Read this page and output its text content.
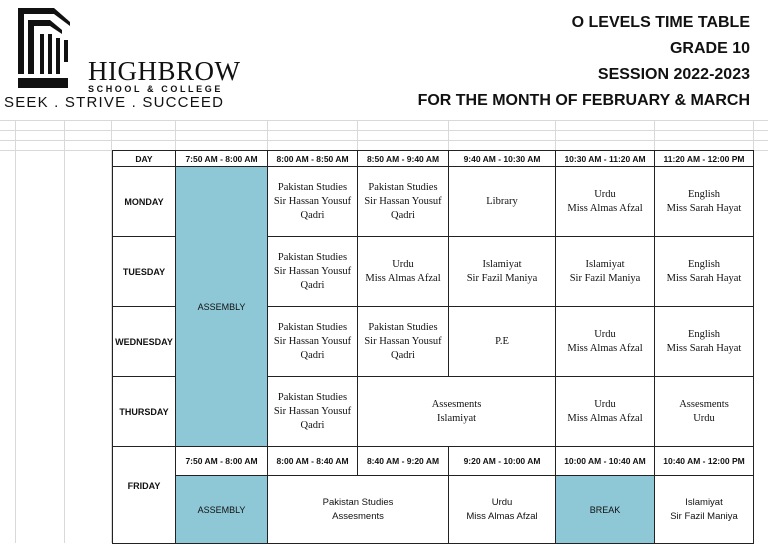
HIGHBROW
SCHOOL & COLLEGE
SEEK . STRIVE . SUCCEED
O LEVELS TIME TABLE
GRADE 10
SESSION 2022-2023
FOR THE MONTH OF FEBRUARY & MARCH
DAY	7:50 AM - 8:00 AM	8:00 AM - 8:50 AM	8:50 AM - 9:40 AM	9:40 AM - 10:30 AM	10:30 AM - 11:20 AM	11:20 AM - 12:00 PM
MONDAY	ASSEMBLY	Pakistan Studies
Sir Hassan Yousuf
Qadri	Pakistan Studies
Sir Hassan Yousuf
Qadri	Library	Urdu
Miss Almas Afzal	English
Miss Sarah Hayat

TUESDAY		Pakistan Studies
Sir Hassan Yousuf
Qadri	Urdu
Miss Almas Afzal	Islamiyat
Sir Fazil Maniya	Islamiyat
Sir Fazil Maniya	English
Miss Sarah Hayat

WEDNESDAY		Pakistan Studies
Sir Hassan Yousuf
Qadri	Pakistan Studies
Sir Hassan Yousuf
Qadri	P.E	Urdu
Miss Almas Afzal	English
Miss Sarah Hayat

THURSDAY		Pakistan Studies
Sir Hassan Yousuf
Qadri	Assesments
Islamiyat		Urdu
Miss Almas Afzal	Assesments
Urdu

FRIDAY	7:50 AM - 8:00 AM	8:00 AM - 8:40 AM	8:40 AM - 9:20 AM	9:20 AM - 10:00 AM	10:00 AM - 10:40 AM	10:40 AM - 12:00 PM
	ASSEMBLY	Pakistan Studies
Assesments		Urdu
Miss Almas Afzal	BREAK	Islamiyat
Sir Fazil Maniya
